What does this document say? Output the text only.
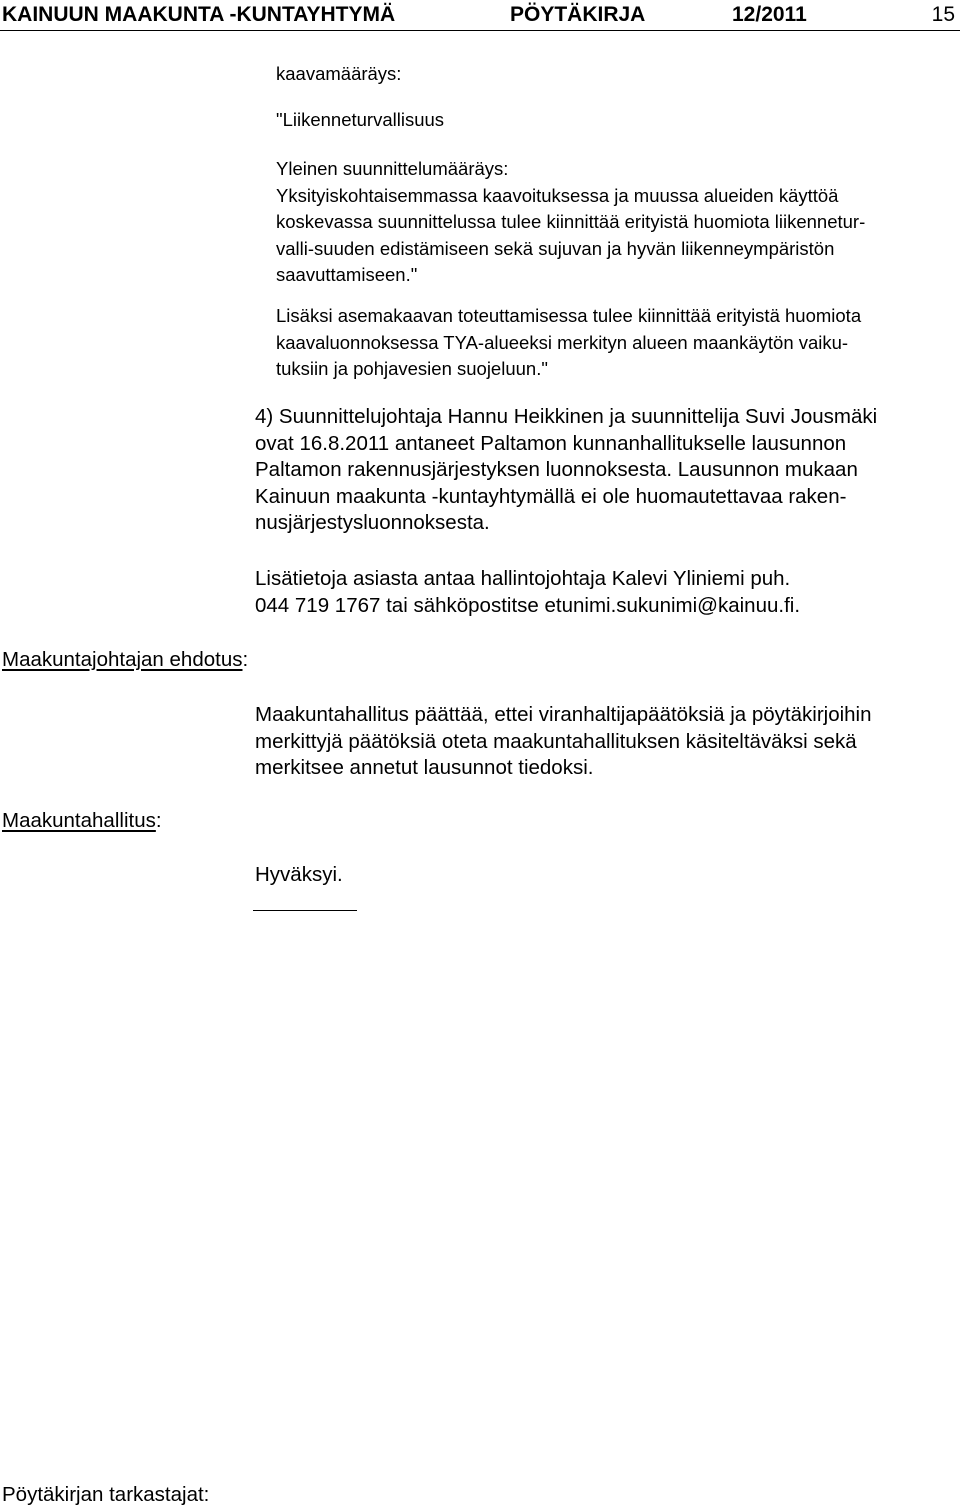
KAINUUN MAAKUNTA -KUNTAYHTYMÄ	PÖYTÄKIRJA	12/2011	15
kaavamääräys:
"Liikenneturvallisuus
Yleinen suunnittelumääräys:
Yksityiskohtaisemmassa kaavoituksessa ja muussa alueiden käyttöä
koskevassa suunnittelussa tulee kiinnittää erityistä huomiota liikennetur-
valli-suuden edistämiseen sekä sujuvan ja hyvän liikenneympäristön
saavuttamiseen."
Lisäksi asemakaavan toteuttamisessa tulee kiinnittää erityistä huomiota
kaavaluonnoksessa TYA-alueeksi merkityn alueen maankäytön vaiku-
tuksiin ja pohjavesien suojeluun."
4) Suunnittelujohtaja Hannu Heikkinen ja suunnittelija Suvi Jousmäki
ovat 16.8.2011 antaneet Paltamon kunnanhallitukselle lausunnon
Paltamon rakennusjärjestyksen luonnoksesta. Lausunnon mukaan
Kainuun maakunta -kuntayhtymällä ei ole huomautettavaa raken-
nusjärjestysluonnoksesta.
Lisätietoja asiasta antaa hallintojohtaja Kalevi Yliniemi puh.
044 719 1767 tai sähköpostitse etunimi.sukunimi@kainuu.fi.
Maakuntajohtajan ehdotus:
Maakuntahallitus päättää, ettei viranhaltijapäätöksiä ja pöytäkirjoihin
merkittyjä päätöksiä oteta maakuntahallituksen käsiteltäväksi sekä
merkitsee annetut lausunnot tiedoksi.
Maakuntahallitus:
Hyväksyi.
Pöytäkirjan tarkastajat:
